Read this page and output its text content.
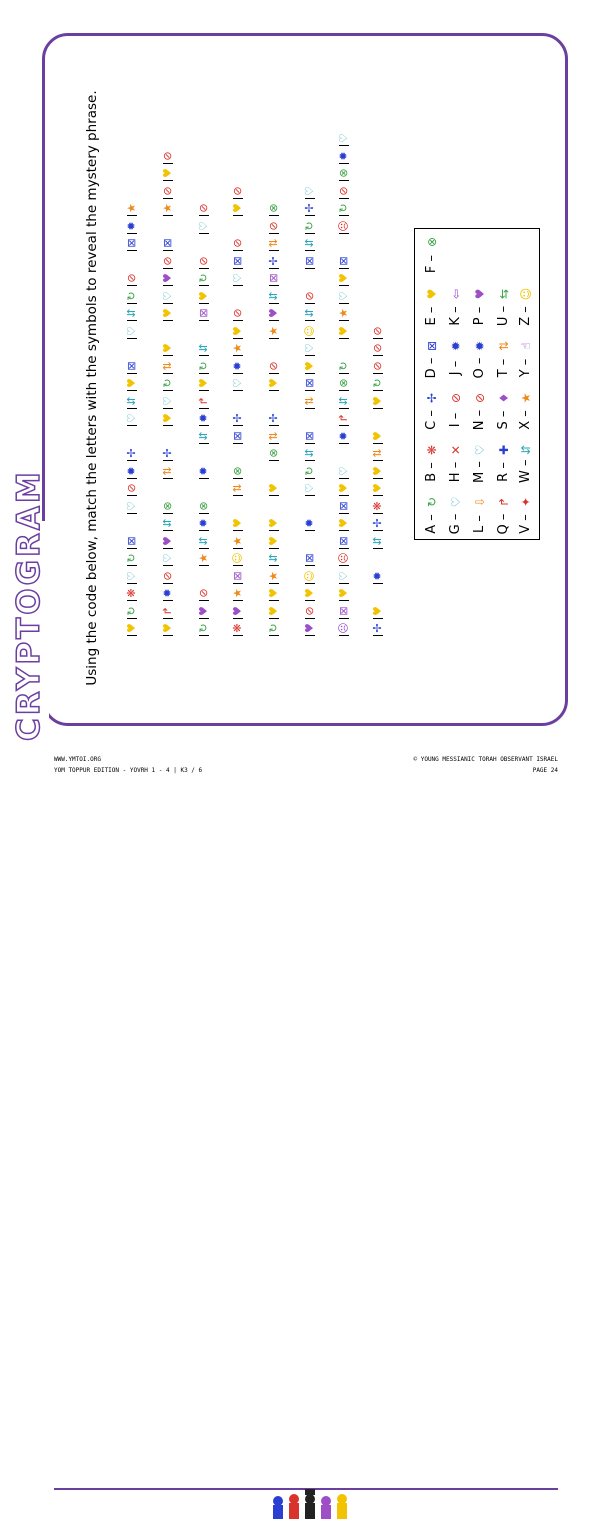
CRYPTOGRAM	Using the code below, match the letters with the symbols to reveal the mystery phrase. ♥
↻
❋
♡
↻
⊠
♡
⊘
✹
✢
♡
⇵
♥
⊠
♡
⇵
↻
⊘
⊠
✹
★
♥
↱
✹
⊘
♡
♥
⇵
⊗
⇅
✢
♥
♡
↻
⇅
♥
♥
♡
♥
⊘
⊠
★
⊘
♥
⊘
↻
♥
⊘
★
⇵
✹
⊗
✹
⇵
✹
↱
♥
↻
⇵
⊠
♥
↻
⊘
♡
⊘
❋
♥
★
⊠
☺
★
♥
⇅
⊗
⊠
✢
♡
✹
★
♥
⊘
♡
⊠
⊘
♥
⊘
↻
♥
♥
★
⇵
♥
♥
♥
⊗
⇅
✢
♥
⊘
★
♥
⇵
⊠
✢
⇅
⊘
⊗
♥
⊘
♥
☺
⊠
✹
♡
↻
⇵
⊠
⇅
⊠
♥
♡
☺
⇵
⊘
⊠
⇵
↻
✢
♡
☹
⊠
♥
♡
☹
⊠
♥
⊠
♥
♡
✹
↱
⇵
⊗
↻
♥
★
♡
♥
⊠
☹
↻
⊘
⊗
✹
♡
✢
♥
✹
⇵
✢
❋
♥
♥
⇅
♥
♥
↻
⊘
⊘
⊘
A –
↻
B –
❋
C –
✢
D –
⊠
E –
♥
F –
⊗
G –
♡
H –
✕
I –
⊘
J –
✹
K –
⇦
L –
⇩
M –
♡
N –
⊘
O –
✹
P –
♥
Q –
↱
R –
✚
S –
♦
T –
⇅
U –
⇆
V –
✦
W –
⇵
X –
★
Y –
☝
Z –
☺
WWW.YMTOI.ORG
YOM TOPPUR EDITION - YOVRH 1 - 4 | K3 / 6
© YOUNG MESSIANIC TORAH OBSERVANT ISRAEL
PAGE 24
